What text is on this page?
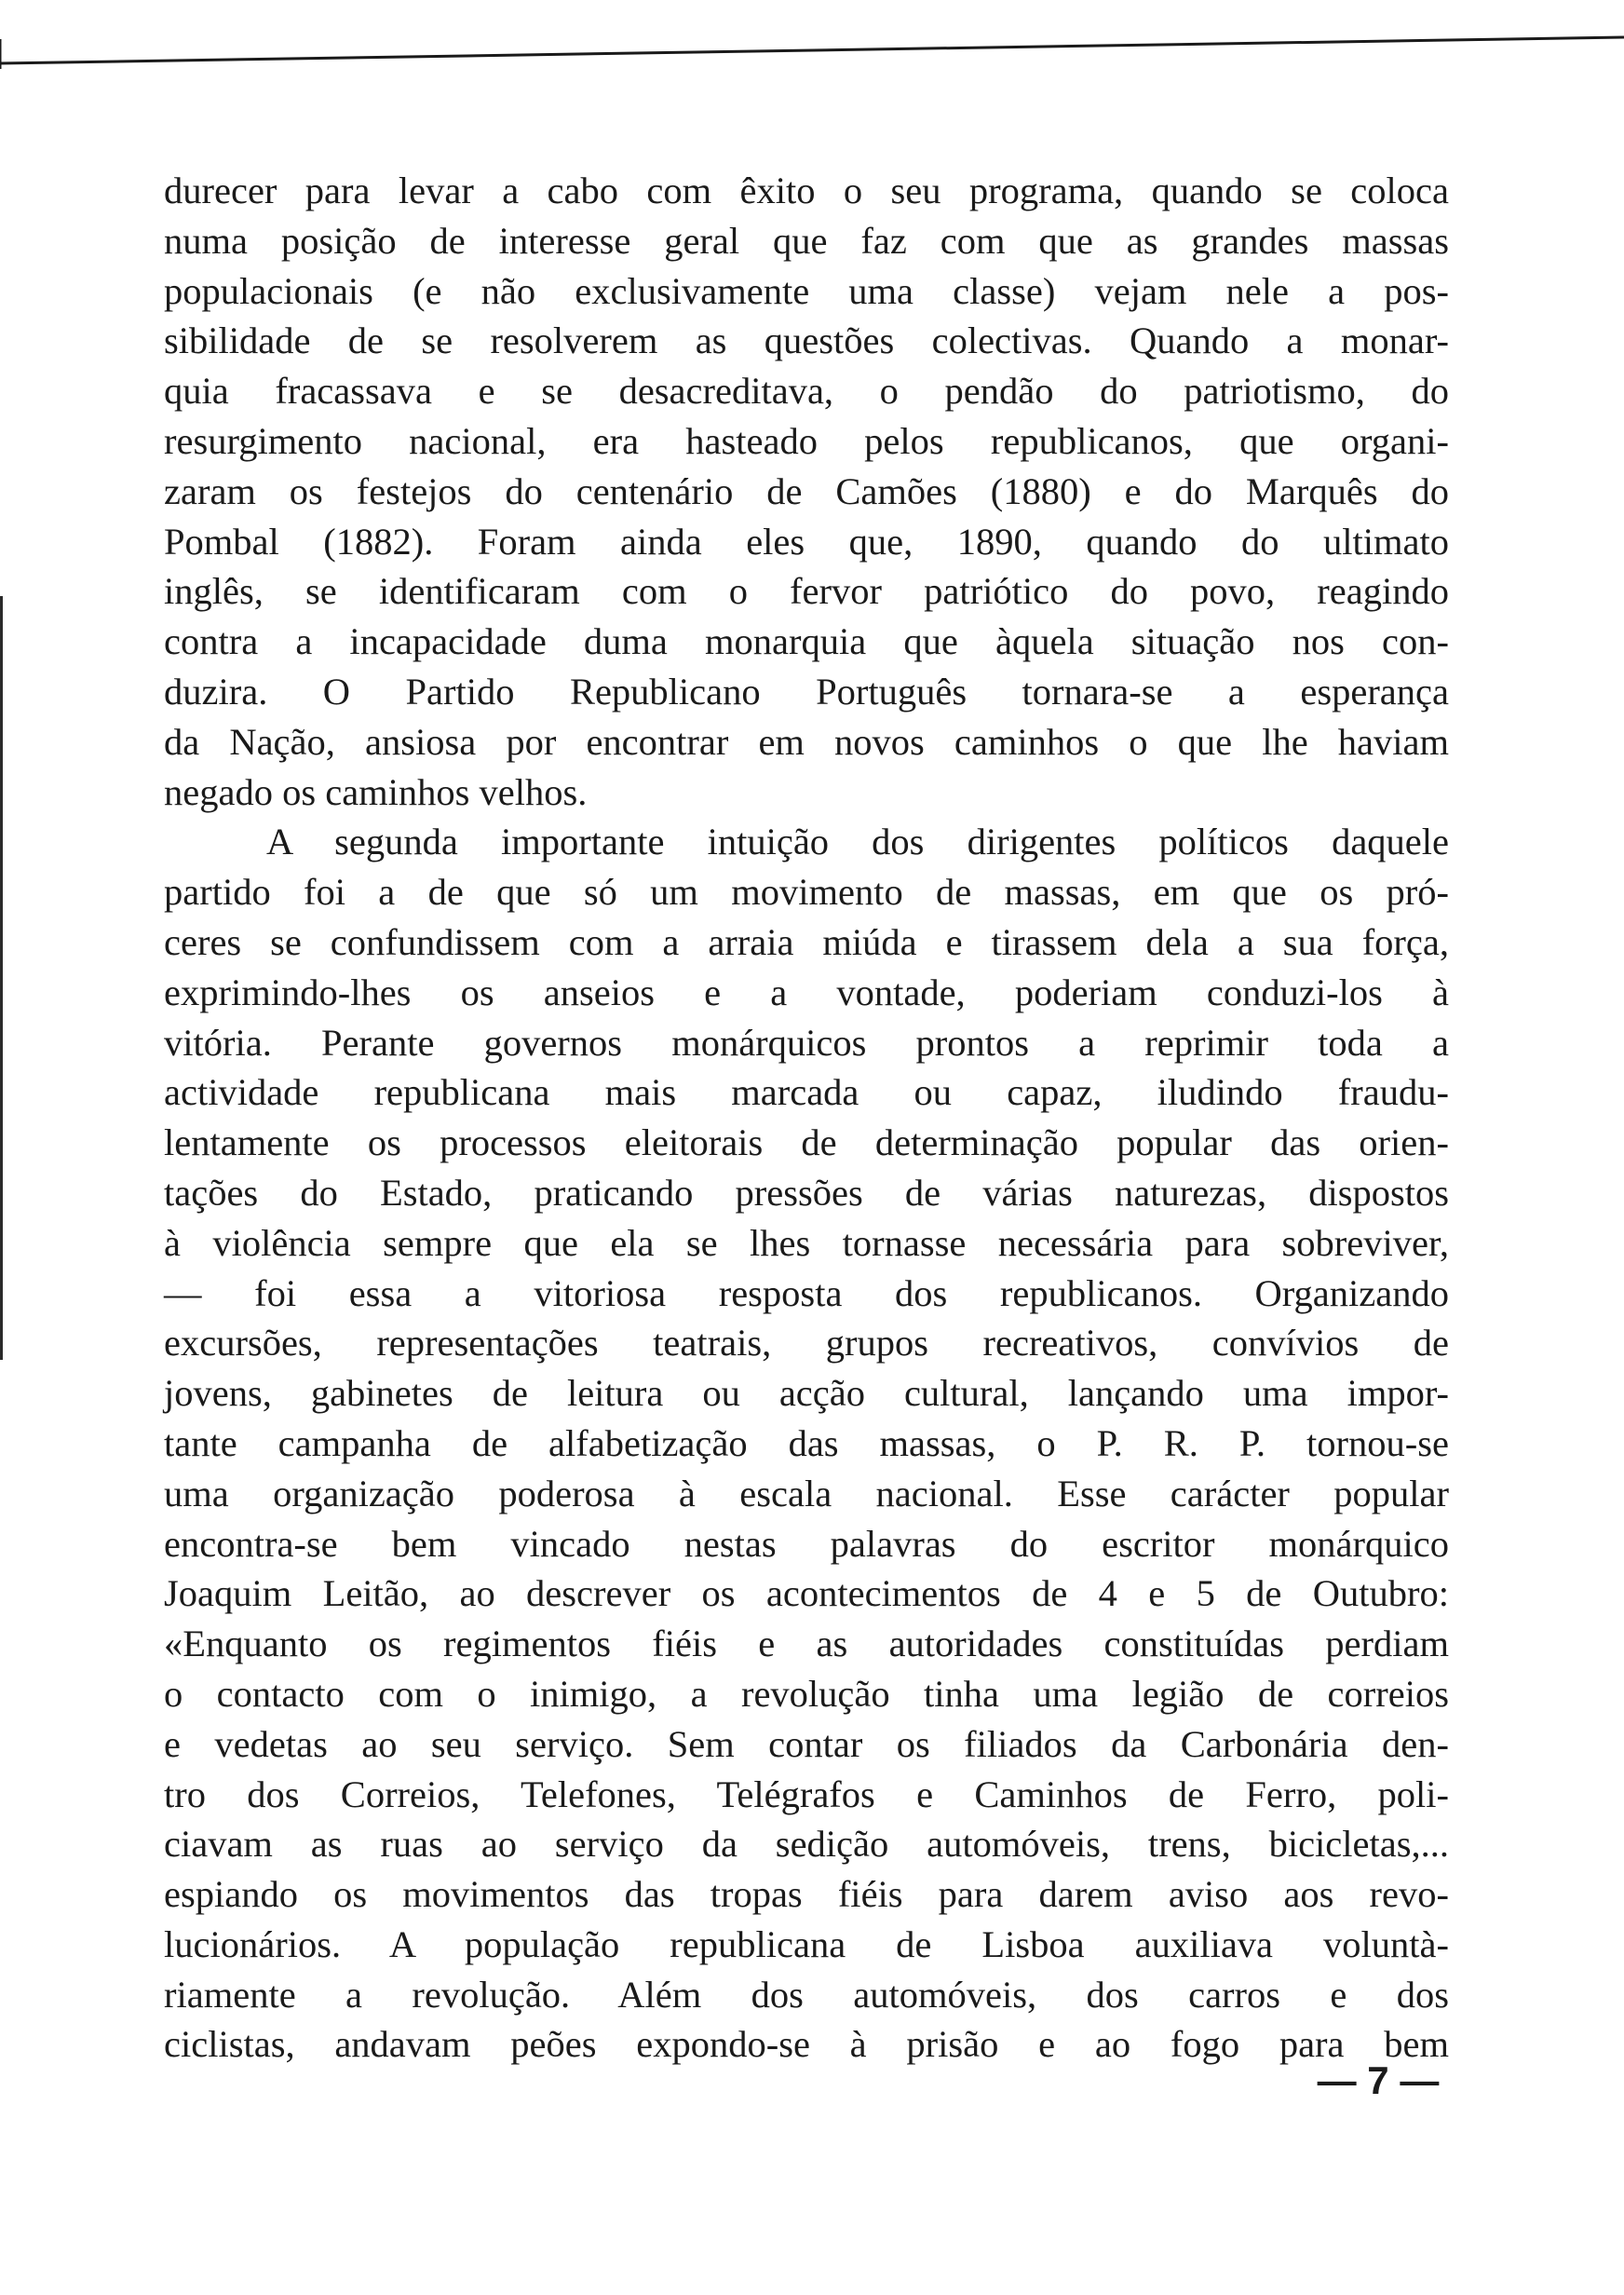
durecer para levar a cabo com êxito o seu programa, quando se coloca
numa posição de interesse geral que faz com que as grandes massas
populacionais (e não exclusivamente uma classe) vejam nele a pos-
sibilidade de se resolverem as questões colectivas. Quando a monar-
quia fracassava e se desacreditava, o pendão do patriotismo, do
resurgimento nacional, era hasteado pelos republicanos, que organi-
zaram os festejos do centenário de Camões (1880) e do Marquês do
Pombal (1882). Foram ainda eles que, 1890, quando do ultimato
inglês, se identificaram com o fervor patriótico do povo, reagindo
contra a incapacidade duma monarquia que àquela situação nos con-
duzira. O Partido Republicano Português tornara-se a esperança
da Nação, ansiosa por encontrar em novos caminhos o que lhe haviam
negado os caminhos velhos.
A segunda importante intuição dos dirigentes políticos daquele
partido foi a de que só um movimento de massas, em que os pró-
ceres se confundissem com a arraia miúda e tirassem dela a sua força,
exprimindo-lhes os anseios e a vontade, poderiam conduzi-los à
vitória. Perante governos monárquicos prontos a reprimir toda a
actividade republicana mais marcada ou capaz, iludindo fraudu-
lentamente os processos eleitorais de determinação popular das orien-
tações do Estado, praticando pressões de várias naturezas, dispostos
à violência sempre que ela se lhes tornasse necessária para sobreviver,
— foi essa a vitoriosa resposta dos republicanos. Organizando
excursões, representações teatrais, grupos recreativos, convívios de
jovens, gabinetes de leitura ou acção cultural, lançando uma impor-
tante campanha de alfabetização das massas, o P. R. P. tornou-se
uma organização poderosa à escala nacional. Esse carácter popular
encontra-se bem vincado nestas palavras do escritor monárquico
Joaquim Leitão, ao descrever os acontecimentos de 4 e 5 de Outubro:
«Enquanto os regimentos fiéis e as autoridades constituídas perdiam
o contacto com o inimigo, a revolução tinha uma legião de correios
e vedetas ao seu serviço. Sem contar os filiados da Carbonária den-
tro dos Correios, Telefones, Telégrafos e Caminhos de Ferro, poli-
ciavam as ruas ao serviço da sedição automóveis, trens, bicicletas,...
espiando os movimentos das tropas fiéis para darem aviso aos revo-
lucionários. A população republicana de Lisboa auxiliava voluntà-
riamente a revolução. Além dos automóveis, dos carros e dos
ciclistas, andavam peões expondo-se à prisão e ao fogo para bem
— 7 —
